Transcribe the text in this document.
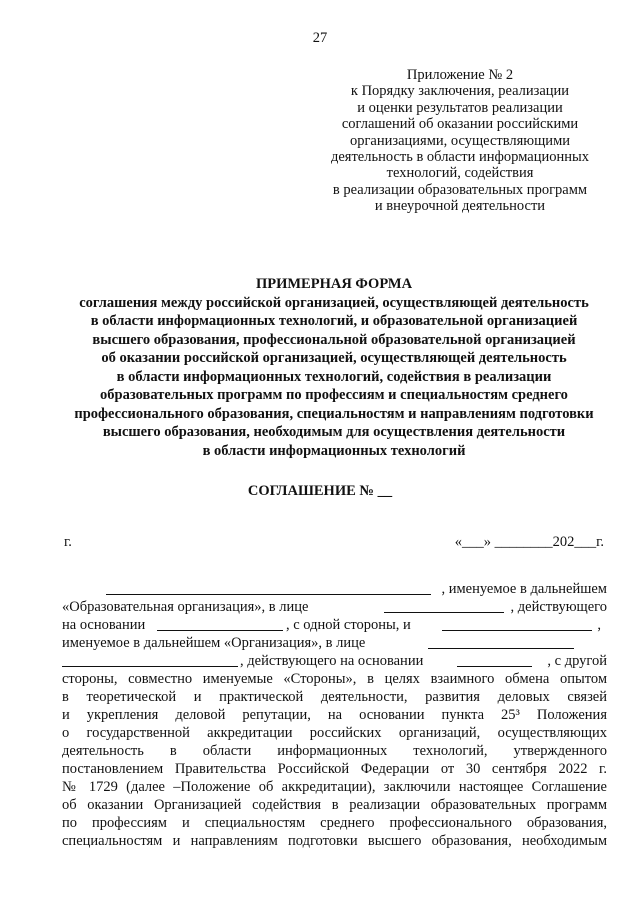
27
Приложение № 2
к Порядку заключения, реализации
и оценки результатов реализации
соглашений об оказании российскими
организациями, осуществляющими
деятельность в области информационных
технологий, содействия
в реализации образовательных программ
и внеурочной деятельности
ПРИМЕРНАЯ ФОРМА
соглашения между российской организацией, осуществляющей деятельность
в области информационных технологий, и образовательной организацией
высшего образования, профессиональной образовательной организацией
об оказании российской организацией, осуществляющей деятельность
в области информационных технологий, содействия в реализации
образовательных программ по профессиям и специальностям среднего
профессионального образования, специальностям и направлениям подготовки
высшего образования, необходимым для осуществления деятельности
в области информационных технологий
СОГЛАШЕНИЕ № __
г.	«___» ________202___г.
, именуемое в дальнейшем
«Образовательная организация», в лице	, действующего
на основании	, с одной стороны, и	,
именуемое в дальнейшем «Организация», в лице
, действующего на основании	, с другой
стороны, совместно именуемые «Стороны», в целях взаимного обмена опытом
в теоретической и практической деятельности, развития деловых связей
и укрепления деловой репутации, на основании пункта 25³ Положения
о государственной аккредитации российских организаций, осуществляющих
деятельность в области информационных технологий, утвержденного
постановлением Правительства Российской Федерации от 30 сентября 2022 г.
№ 1729 (далее –Положение об аккредитации), заключили настоящее Соглашение
об оказании Организацией содействия в реализации образовательных программ
по профессиям и специальностям среднего профессионального образования,
специальностям и направлениям подготовки высшего образования, необходимым
